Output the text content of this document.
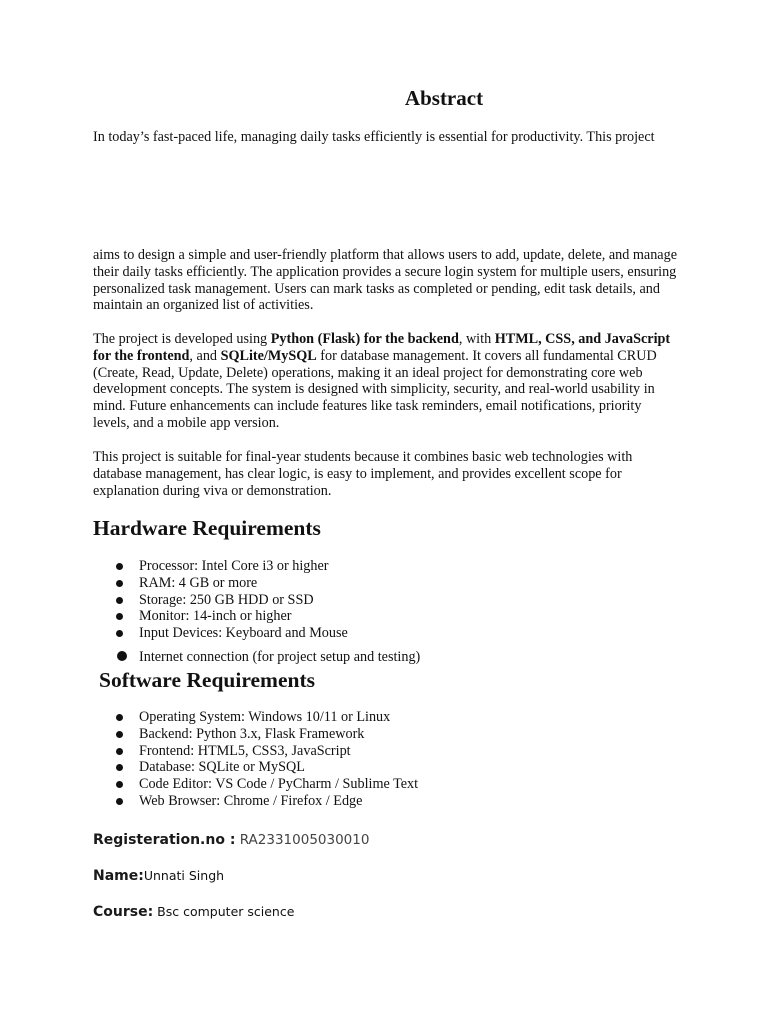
Abstract

In today’s fast-paced life, managing daily tasks efficiently is essential for productivity. This project

aims to design a simple and user-friendly platform that allows users to add, update, delete, and manage their daily tasks efficiently. The application provides a secure login system for multiple users, ensuring personalized task management. Users can mark tasks as completed or pending, edit task details, and maintain an organized list of activities.

The project is developed using Python (Flask) for the backend, with HTML, CSS, and JavaScript for the frontend, and SQLite/MySQL for database management. It covers all fundamental CRUD (Create, Read, Update, Delete) operations, making it an ideal project for demonstrating core web development concepts. The system is designed with simplicity, security, and real-world usability in mind. Future enhancements can include features like task reminders, email notifications, priority levels, and a mobile app version.

This project is suitable for final-year students because it combines basic web technologies with database management, has clear logic, is easy to implement, and provides excellent scope for explanation during viva or demonstration.

Hardware Requirements
Processor: Intel Core i3 or higher
RAM: 4 GB or more
Storage: 250 GB HDD or SSD
Monitor: 14-inch or higher
Input Devices: Keyboard and Mouse
Internet connection (for project setup and testing)
Software Requirements
Operating System: Windows 10/11 or Linux
Backend: Python 3.x, Flask Framework
Frontend: HTML5, CSS3, JavaScript
Database: SQLite or MySQL
Code Editor: VS Code / PyCharm / Sublime Text
Web Browser: Chrome / Firefox / Edge

Registeration.no : RA2331005030010

Name:Unnati Singh

Course: Bsc computer science
